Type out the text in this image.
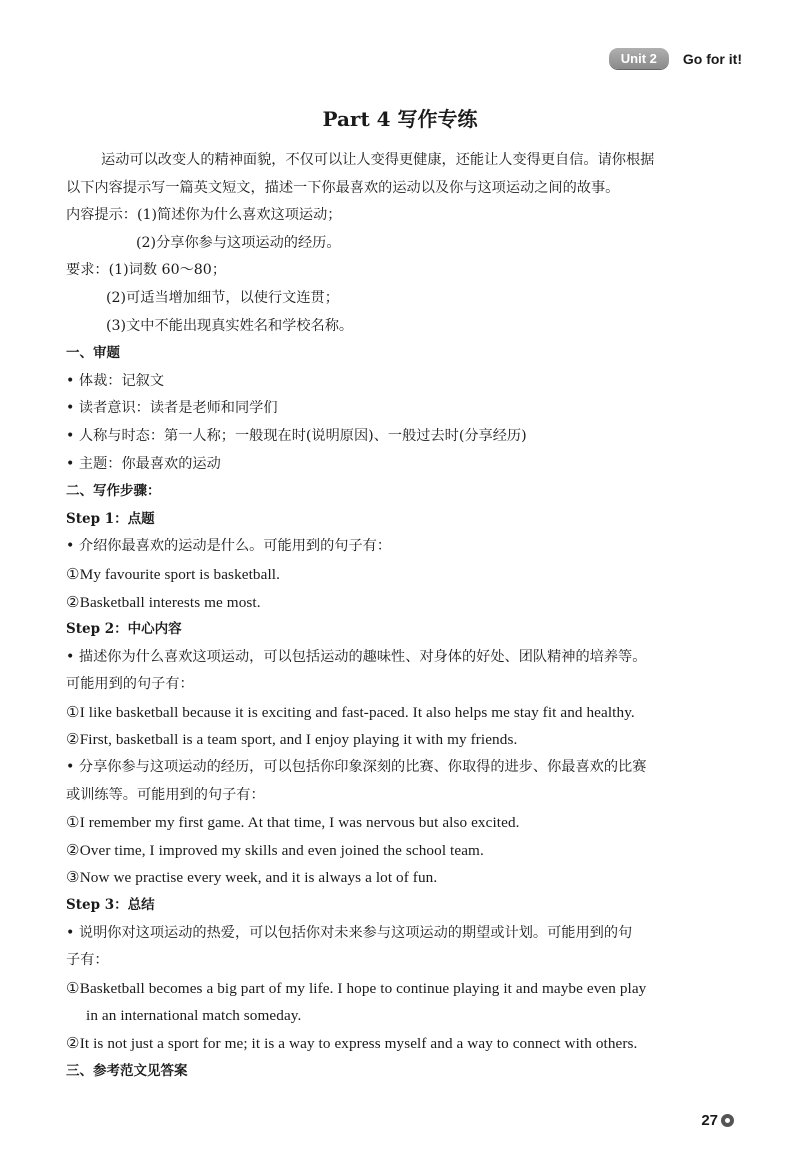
Unit 2	Go for it!
Part 4 写作专练
运动可以改变人的精神面貌，不仅可以让人变得更健康，还能让人变得更自信。请你根据
以下内容提示写一篇英文短文，描述一下你最喜欢的运动以及你与这项运动之间的故事。
内容提示：(1)简述你为什么喜欢这项运动；
(2)分享你参与这项运动的经历。
要求：(1)词数 60～80；
(2)可适当增加细节，以使行文连贯；
(3)文中不能出现真实姓名和学校名称。
一、审题
• 体裁：记叙文
• 读者意识：读者是老师和同学们
• 人称与时态：第一人称；一般现在时(说明原因)、一般过去时(分享经历)
• 主题：你最喜欢的运动
二、写作步骤：
Step 1：点题
• 介绍你最喜欢的运动是什么。可能用到的句子有：
①My favourite sport is basketball.
②Basketball interests me most.
Step 2：中心内容
• 描述你为什么喜欢这项运动，可以包括运动的趣味性、对身体的好处、团队精神的培养等。
可能用到的句子有：
①I like basketball because it is exciting and fast-paced. It also helps me stay fit and healthy.
②First, basketball is a team sport, and I enjoy playing it with my friends.
• 分享你参与这项运动的经历，可以包括你印象深刻的比赛、你取得的进步、你最喜欢的比赛
或训练等。可能用到的句子有：
①I remember my first game. At that time, I was nervous but also excited.
②Over time, I improved my skills and even joined the school team.
③Now we practise every week, and it is always a lot of fun.
Step 3：总结
• 说明你对这项运动的热爱，可以包括你对未来参与这项运动的期望或计划。可能用到的句
子有：
①Basketball becomes a big part of my life. I hope to continue playing it and maybe even play
in an international match someday.
②It is not just a sport for me; it is a way to express myself and a way to connect with others.
三、参考范文见答案
27
